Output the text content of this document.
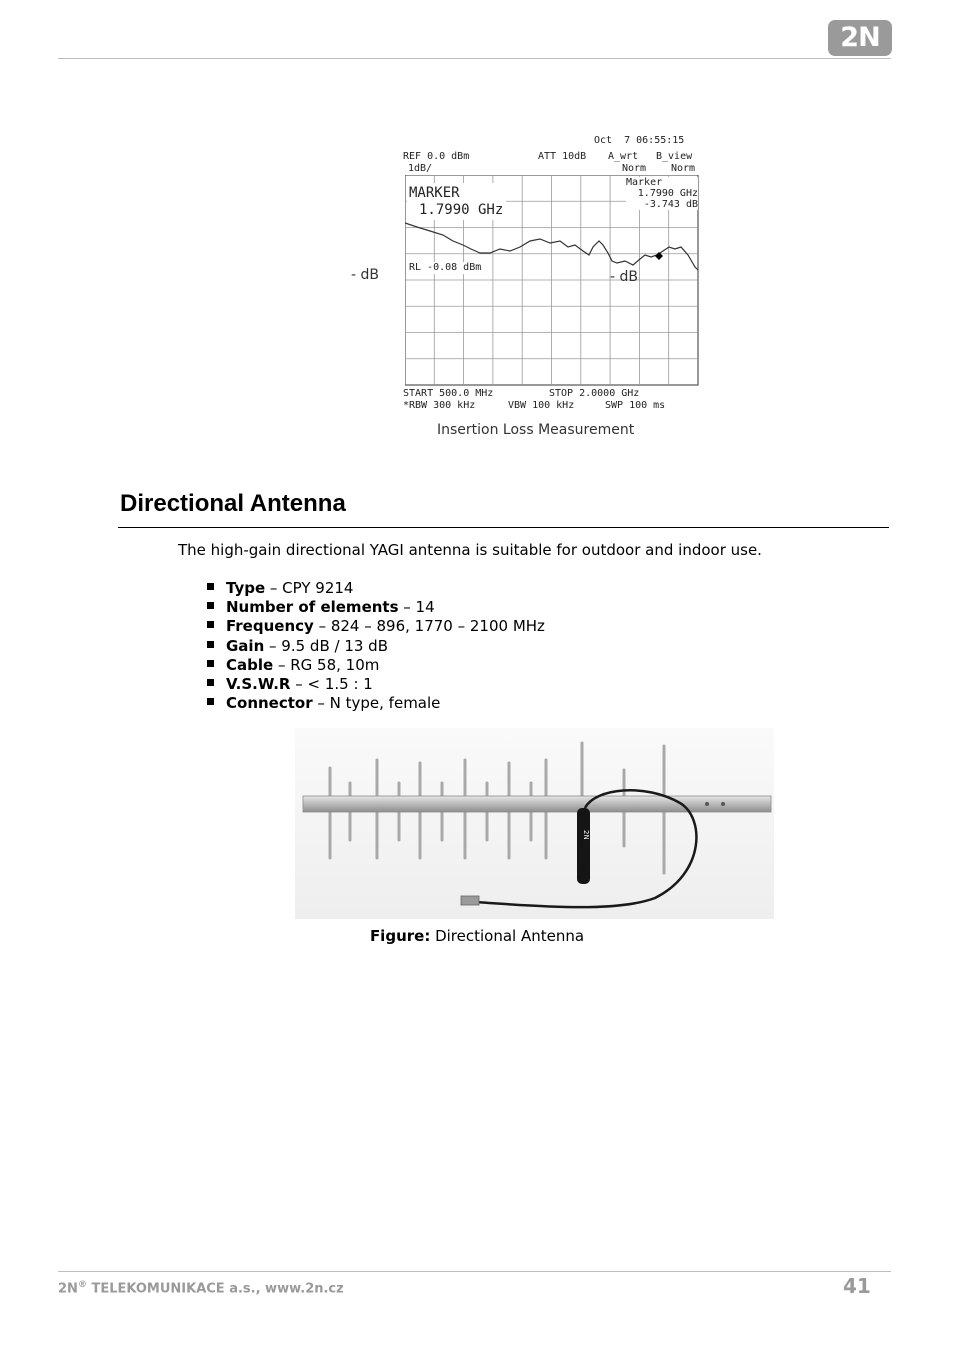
2N
Oct  7 06:55:15
REF 0.0 dBm
1dB/
ATT 10dB A_wrt
Norm
B_view
Norm
- dB
MARKER
1.7990 GHz
Marker
1.7990 GHz
-3.743 dB
RL -0.08 dBm
- dB
START 500.0 MHz	STOP 2.0000 GHz
*RBW 300 kHz	VBW 100 kHz	SWP 100 ms
Insertion Loss Measurement
Directional Antenna
The high-gain directional YAGI antenna is suitable for outdoor and indoor use.
Type – CPY 9214
Number of elements – 14
Frequency – 824 – 896, 1770 – 2100 MHz
Gain – 9.5 dB / 13 dB
Cable – RG 58, 10m
V.S.W.R – < 1.5 : 1
Connector – N type, female
2N
Figure: Directional Antenna
2N® TELEKOMUNIKACE a.s., www.2n.cz	41
